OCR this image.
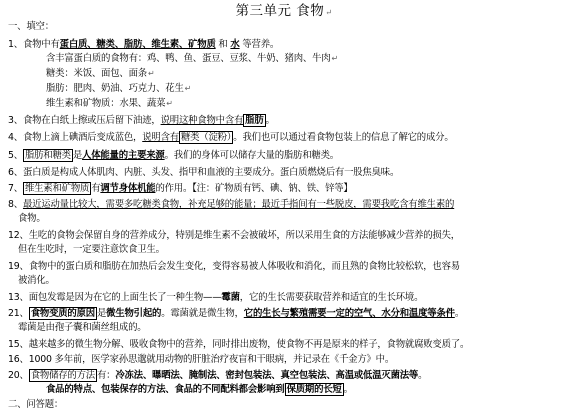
第三单元 食物↵
一、填空：
1、食物中有蛋白质、糖类、脂肪、维生素、矿物质 和 水 等营养。
含丰富蛋白质的食物有：鸡、鸭、鱼、蛋豆、豆浆、牛奶、猪肉、牛肉↵
糖类：米饭、面包、面条↵
脂肪：肥肉、奶油、巧克力、花生↵
维生素和矿物质：水果、蔬菜↵
3、食物在白纸上擦或压后留下油迹，说明这种食物中含有 脂肪 。
4、食物上滴上碘酒后变成蓝色，说明含有 糖类（淀粉） 。我们也可以通过看食物包装上的信息了解它的成分。
5、 脂肪和糖类 是人体能量的主要来源。我们的身体可以储存大量的脂肪和糖类。
6、蛋白质是构成人体肌肉、内脏、头发、指甲和血液的主要成分。蛋白质燃烧后有一股焦臭味。
7、 维生素和矿物质 有调节身体机能的作用。【注：矿物质有钙、碘、钠、铁、锌等】
8、最近运动量比较大，需要多吃糖类食物，补充足够的能量；最近手指间有一些脱皮，需要我吃含有维生素的
食物。
12、生吃的食物会保留自身的营养成分，特别是维生素不会被破坏，所以采用生食的方法能够减少营养的损失，
但在生吃时，一定要注意饮食卫生。
19、食物中的蛋白质和脂肪在加热后会发生变化，变得容易被人体吸收和消化，而且熟的食物比较松软，也容易
被消化。
13、面包发霉是因为在它的上面生长了一种生物——霉菌，它的生长需要获取营养和适宜的生长环境。
21、 食物变质的原因 是微生物引起的。霉菌就是微生物，它的生长与繁殖需要一定的空气、水分和温度等条件。
霉菌是由孢子囊和菌丝组成的。
15、越来越多的微生物分解、吸收食物中的营养，同时排出废物，使食物不再是原来的样子，食物就腐败变质了。
16、1000 多年前，医学家孙思邈就用动物的肝脏治疗夜盲和干眼病，并记录在《千金方》中。
20、 食物储存的方法 有：冷冻法、曝晒法、腌制法、密封包装法、真空包装法、高温或低温灭菌法等。
食品的特点、包装保存的方法、食品的不同配料都会影响到 保质期的长短 。
二、问答题：
